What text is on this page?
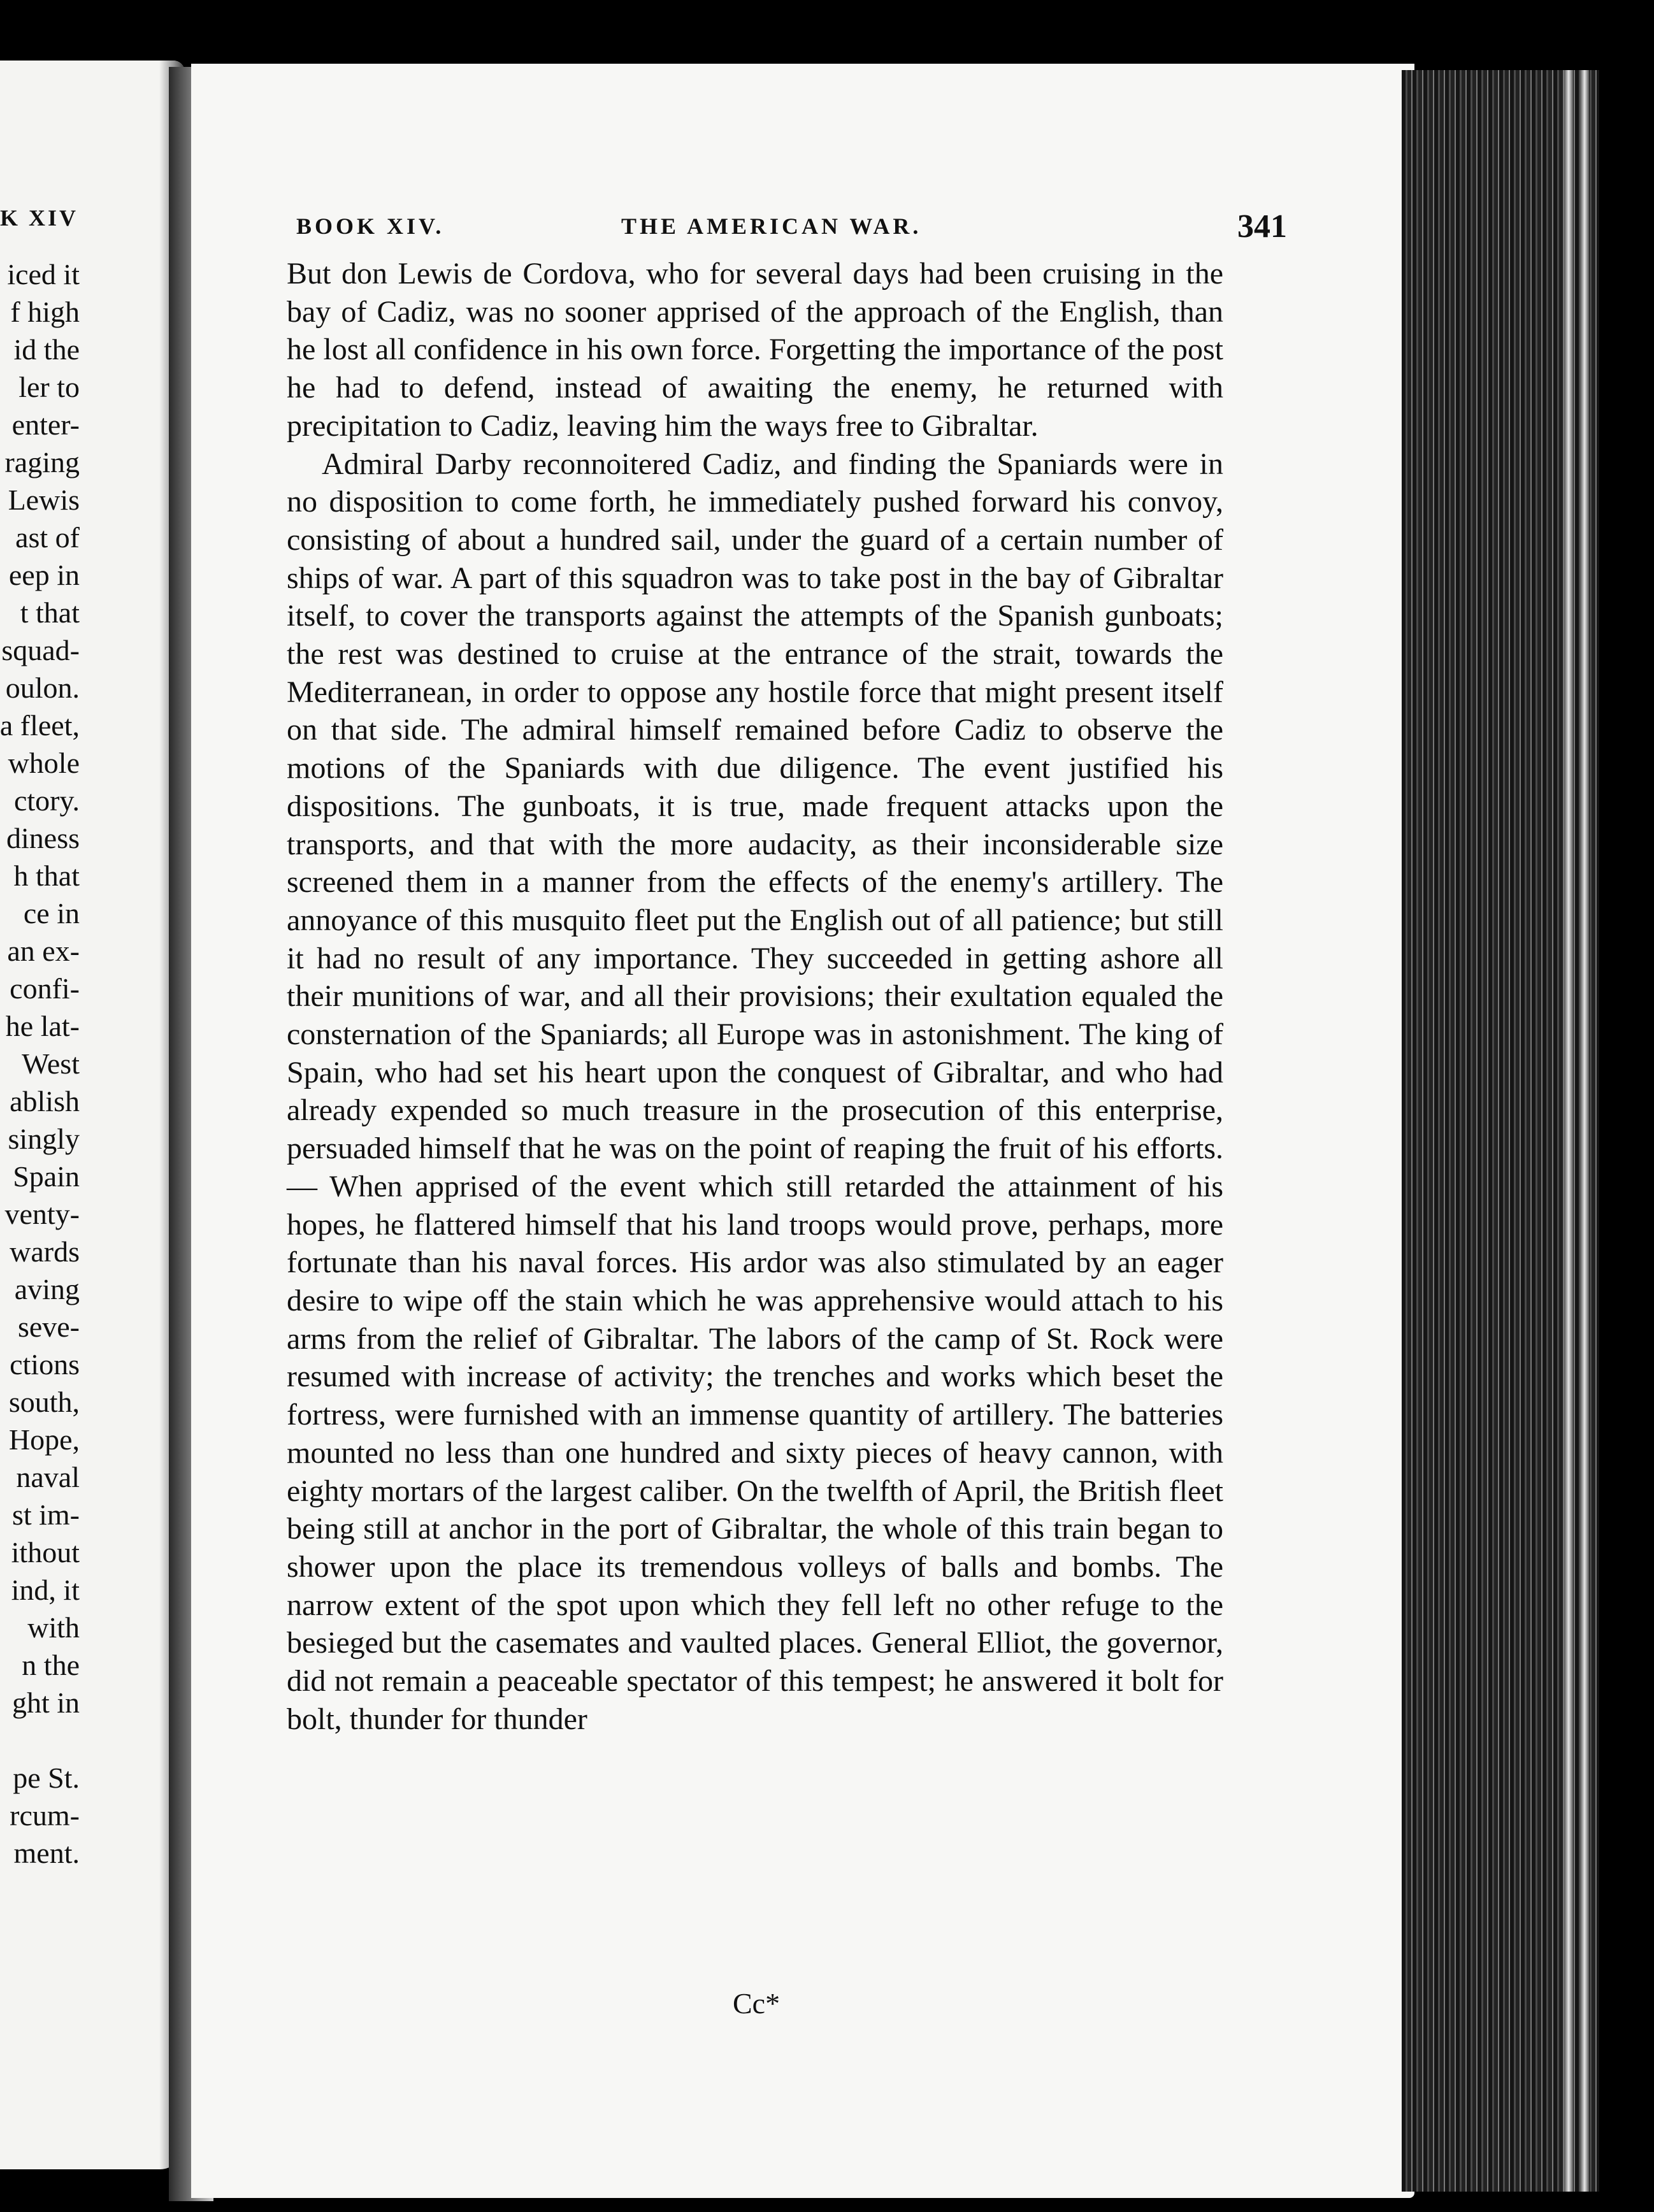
K XIV
iced it
f high
id the
ler to
enter-
raging
Lewis
ast of
eep in
t that
squad-
oulon.
a fleet,
whole
ctory.
diness
h that
ce in
an ex-
confi-
he lat-
West
ablish
singly
Spain
venty-
wards
aving
seve-
ctions
south,
Hope,
naval
st im-
ithout
ind, it
with
n the
ght in
pe St.
rcum-
ment.
BOOK XIV.	THE AMERICAN WAR.	341

But don Lewis de Cordova, who for several days had been cruising in the bay of Cadiz, was no sooner apprised of the approach of the English, than he lost all confidence in his own force. Forgetting the importance of the post he had to defend, instead of awaiting the enemy, he returned with precipitation to Cadiz, leaving him the ways free to Gibraltar.

Admiral Darby reconnoitered Cadiz, and finding the Spaniards were in no disposition to come forth, he immediately pushed forward his convoy, consisting of about a hundred sail, under the guard of a certain number of ships of war. A part of this squadron was to take post in the bay of Gibraltar itself, to cover the transports against the attempts of the Spanish gunboats; the rest was destined to cruise at the entrance of the strait, towards the Mediterranean, in order to oppose any hostile force that might present itself on that side. The admiral himself remained before Cadiz to observe the motions of the Spaniards with due diligence. The event justified his dispositions. The gunboats, it is true, made frequent attacks upon the transports, and that with the more audacity, as their inconsiderable size screened them in a manner from the effects of the enemy's artillery. The annoyance of this musquito fleet put the English out of all patience; but still it had no result of any importance. They succeeded in getting ashore all their munitions of war, and all their provisions; their exultation equaled the consternation of the Spaniards; all Europe was in astonishment. The king of Spain, who had set his heart upon the conquest of Gibraltar, and who had already expended so much treasure in the prosecution of this enterprise, persuaded himself that he was on the point of reaping the fruit of his efforts.— When apprised of the event which still retarded the attainment of his hopes, he flattered himself that his land troops would prove, perhaps, more fortunate than his naval forces. His ardor was also stimulated by an eager desire to wipe off the stain which he was apprehensive would attach to his arms from the relief of Gibraltar. The labors of the camp of St. Rock were resumed with increase of activity; the trenches and works which beset the fortress, were furnished with an immense quantity of artillery. The batteries mounted no less than one hundred and sixty pieces of heavy cannon, with eighty mortars of the largest caliber. On the twelfth of April, the British fleet being still at anchor in the port of Gibraltar, the whole of this train began to shower upon the place its tremendous volleys of balls and bombs. The narrow extent of the spot upon which they fell left no other refuge to the besieged but the casemates and vaulted places. General Elliot, the governor, did not remain a peaceable spectator of this tempest; he answered it bolt for bolt, thunder for thunder

Cc*
